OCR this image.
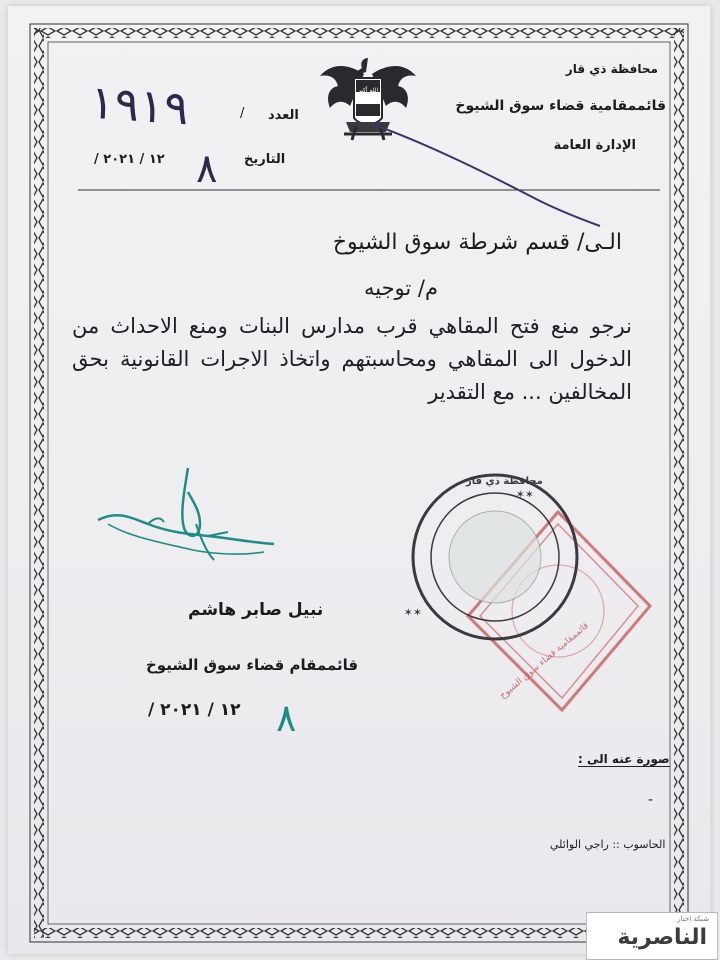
الله أكبر
محافظة ذي قار
قائممقامية قضاء سوق الشيوخ
الإدارة العامة
العدد
/
١٩١٩
التاريخ
/ ١٢ / ٢٠٢١ ٨
الـى/ قسم شرطة سوق الشيوخ
م/ توجيه
نرجو منع فتح المقاهي قرب مدارس البنات ومنع الاحداث من الدخول الى المقاهي ومحاسبتهم واتخاذ الاجرات القانونية بحق المخالفين ... مع التقدير
نبيل صابر هاشم
قائممقام قضاء سوق الشيوخ
/ ١٢ / ٢٠٢١ ٨
قائممقامية قضاء سوق الشيوخ
✶✶
✶✶
محافظة ذي قار
صورة عنه الى :
-
الحاسوب :: راجي الوائلي
شبكة اخبار
الناصرية
